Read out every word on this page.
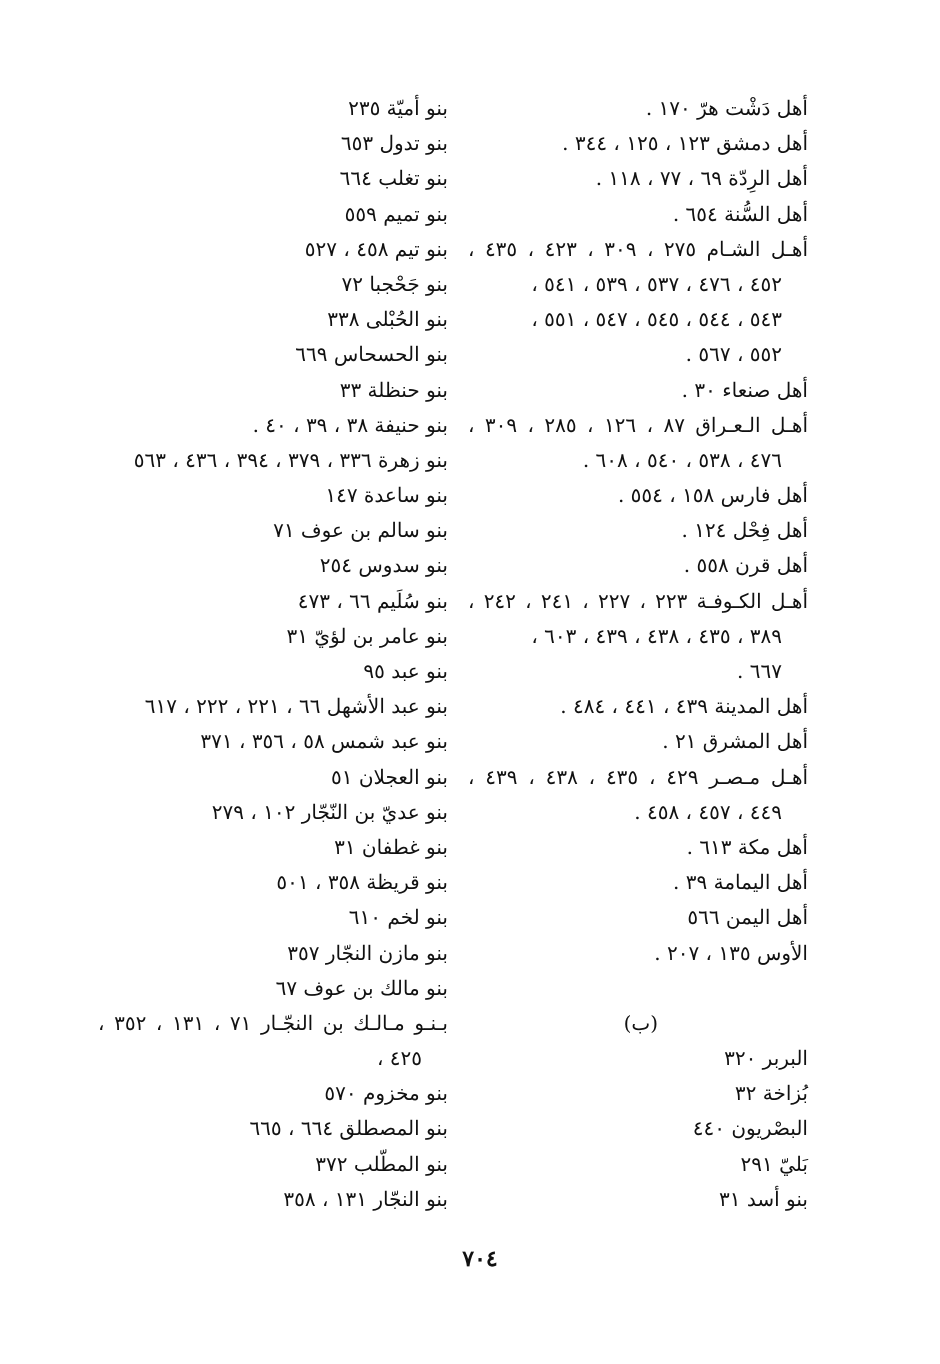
أهل دَشْت هرّ ١٧٠ .
أهل دمشق ١٢٣ ، ١٢٥ ، ٣٤٤ .
أهل الرِدّة ٦٩ ، ٧٧ ، ١١٨ .
أهل السُّنة ٦٥٤ .
أهـل الشـام ٢٧٥ ، ٣٠٩ ، ٤٢٣ ، ٤٣٥ ،
٤٥٢ ، ٤٧٦ ، ٥٣٧ ، ٥٣٩ ، ٥٤١ ،
٥٤٣ ، ٥٤٤ ، ٥٤٥ ، ٥٤٧ ، ٥٥١ ،
٥٥٢ ، ٥٦٧ .
أهل صنعاء ٣٠ .
أهـل الـعـراق ٨٧ ، ١٢٦ ، ٢٨٥ ، ٣٠٩ ،
٤٧٦ ، ٥٣٨ ، ٥٤٠ ، ٦٠٨ .
أهل فارس ١٥٨ ، ٥٥٤ .
أهل فِحْل ١٢٤ .
أهل قرن ٥٥٨ .
أهـل الكـوفـة ٢٢٣ ، ٢٢٧ ، ٢٤١ ، ٢٤٢ ،
٣٨٩ ، ٤٣٥ ، ٤٣٨ ، ٤٣٩ ، ٦٠٣ ،
٦٦٧ .
أهل المدينة ٤٣٩ ، ٤٤١ ، ٤٨٤ .
أهل المشرق ٢١ .
أهـل مـصـر ٤٢٩ ، ٤٣٥ ، ٤٣٨ ، ٤٣٩ ،
٤٤٩ ، ٤٥٧ ، ٤٥٨ .
أهل مكة ٦١٣ .
أهل اليمامة ٣٩ .
أهل اليمن ٥٦٦
الأوس ١٣٥ ، ٢٠٧ .
(ب)
البربر ٣٢٠
بُزاخة ٣٢
البصْريون ٤٤٠
بَليّ ٢٩١
بنو أسد ٣١
بنو أميّة ٢٣٥
بنو تدول ٦٥٣
بنو تغلب ٦٦٤
بنو تميم ٥٥٩
بنو تيم ٤٥٨ ، ٥٢٧
بنو جَحْجبا ٧٢
بنو الحُبْلى ٣٣٨
بنو الحسحاس ٦٦٩
بنو حنظلة ٣٣
بنو حنيفة ٣٨ ، ٣٩ ، ٤٠ .
بنو زهرة ٣٣٦ ، ٣٧٩ ، ٣٩٤ ، ٤٣٦ ، ٥٦٣
بنو ساعدة ١٤٧
بنو سالم بن عوف ٧١
بنو سدوس ٢٥٤
بنو سُلَيم ٦٦ ، ٤٧٣
بنو عامر بن لؤيّ ٣١
بنو عبد ٩٥
بنو عبد الأشهل ٦٦ ، ٢٢١ ، ٢٢٢ ، ٦١٧
بنو عبد شمس ٥٨ ، ٣٥٦ ، ٣٧١
بنو العجلان ٥١
بنو عديّ بن النّجّار ١٠٢ ، ٢٧٩
بنو غطفان ٣١
بنو قريظة ٣٥٨ ، ٥٠١
بنو لخم ٦١٠
بنو مازن النجّار ٣٥٧
بنو مالك بن عوف ٦٧
بـنـو مـالـك بن النجّـار ٧١ ، ١٣١ ، ٣٥٢ ،
٤٢٥ ،
بنو مخزوم ٥٧٠
بنو المصطلق ٦٦٤ ، ٦٦٥
بنو المطّلب ٣٧٢
بنو النجّار ١٣١ ، ٣٥٨
٧٠٤
